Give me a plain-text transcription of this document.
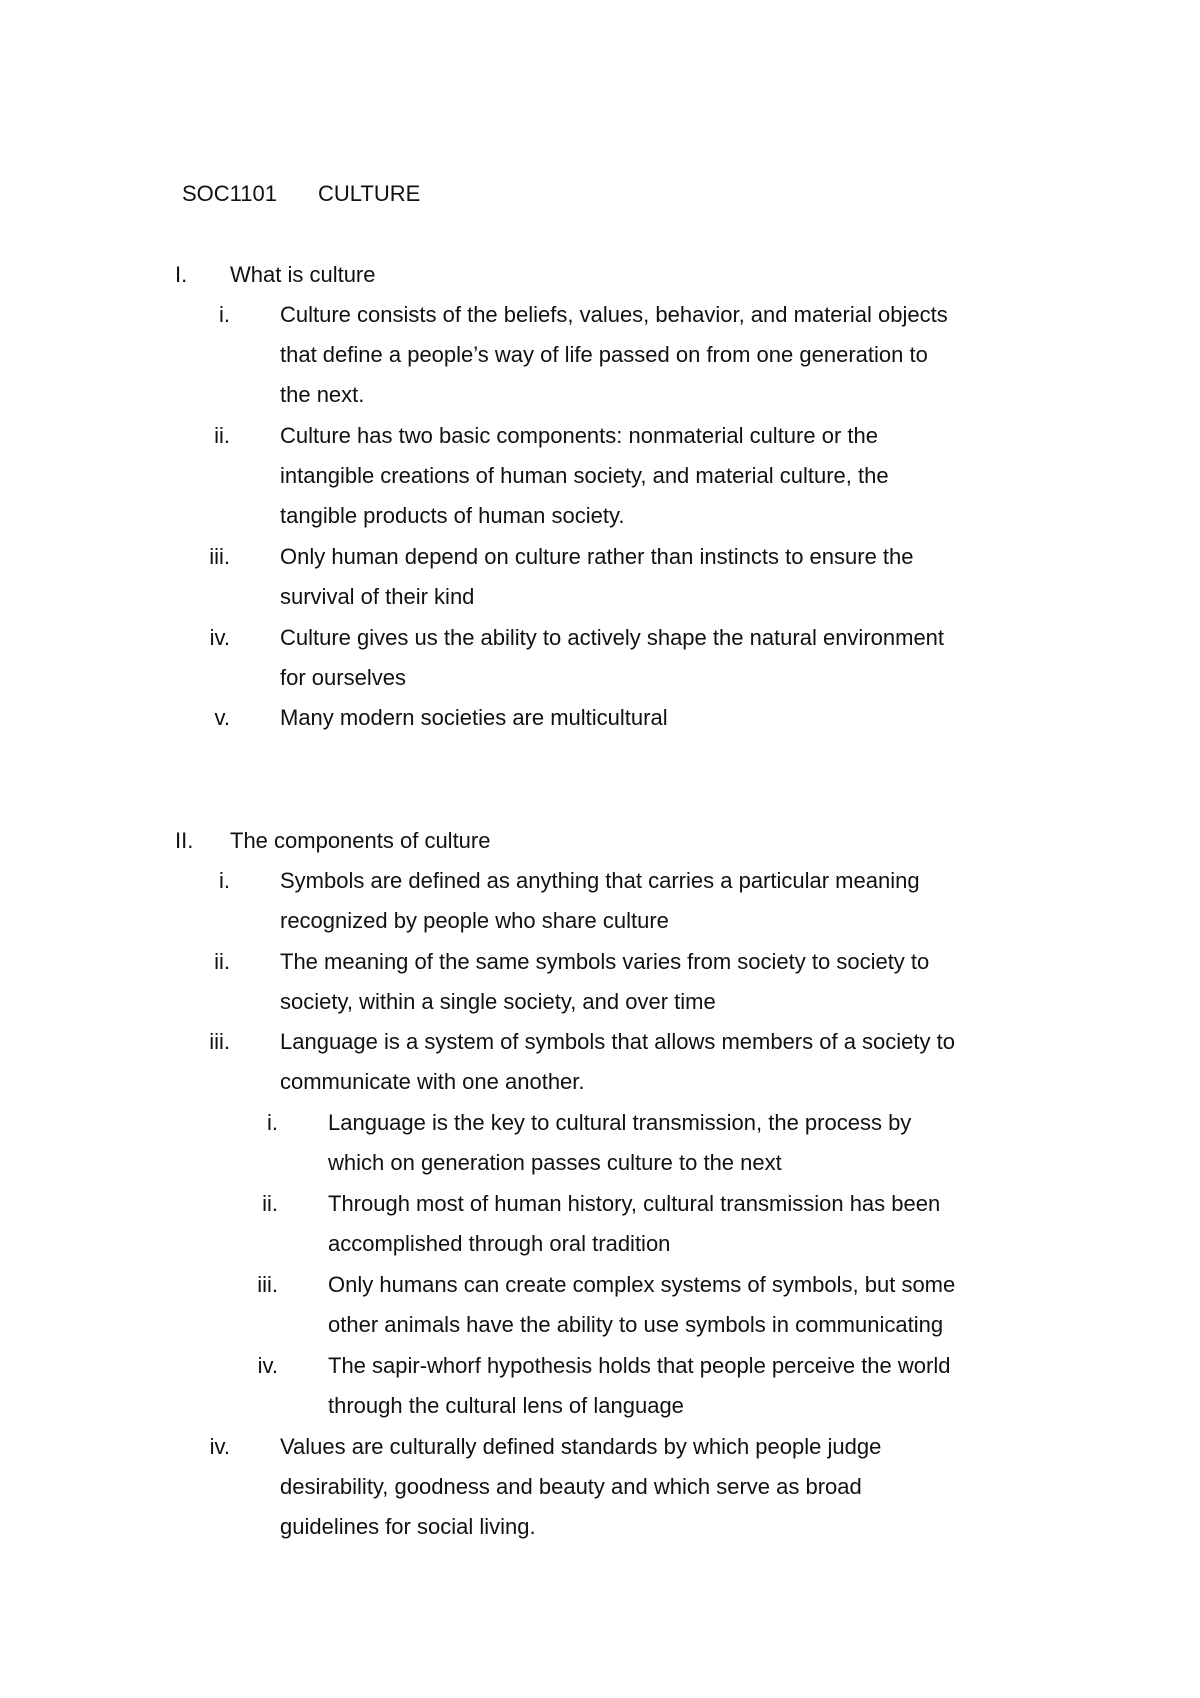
SOC1101 CULTURE
I.	What is culture
i. Culture consists of the beliefs, values, behavior, and material objects
that define a people’s way of life passed on from one generation to
the next.
ii. Culture has two basic components: nonmaterial culture or the
intangible creations of human society, and material culture, the
tangible products of human society.
iii. Only human depend on culture rather than instincts to ensure the
survival of their kind
iv. Culture gives us the ability to actively shape the natural environment
for ourselves
v. Many modern societies are multicultural
II.	The components of culture
i. Symbols are defined as anything that carries a particular meaning
recognized by people who share culture
ii. The meaning of the same symbols varies from society to society to
society, within a single society, and over time
iii. Language is a system of symbols that allows members of a society to
communicate with one another.
i. Language is the key to cultural transmission, the process by
which on generation passes culture to the next
ii. Through most of human history, cultural transmission has been
accomplished through oral tradition
iii. Only humans can create complex systems of symbols, but some
other animals have the ability to use symbols in communicating
iv. The sapir-whorf hypothesis holds that people perceive the world
through the cultural lens of language
iv. Values are culturally defined standards by which people judge
desirability, goodness and beauty and which serve as broad
guidelines for social living.
